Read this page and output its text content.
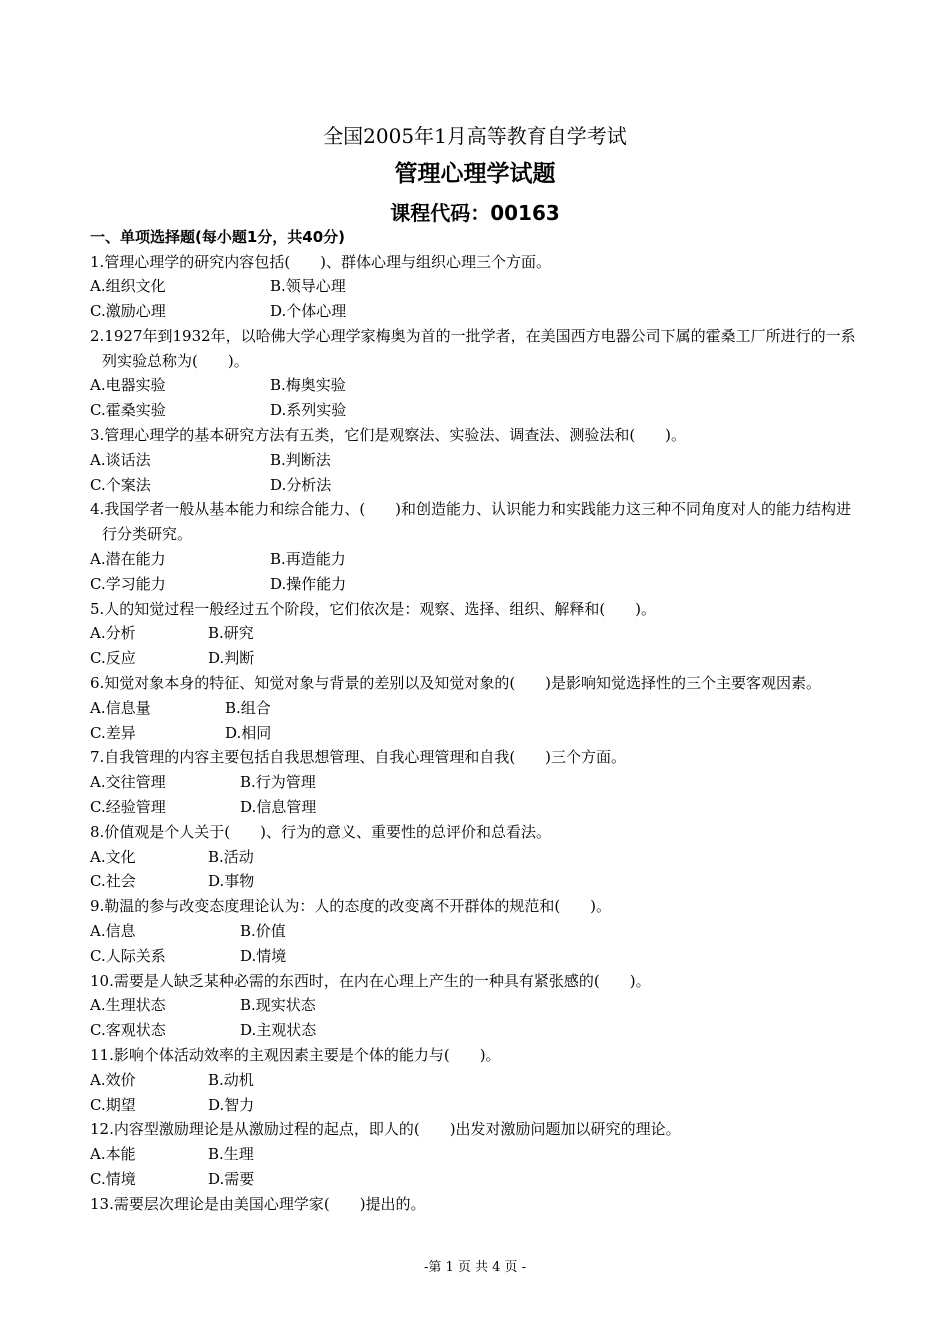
全国2005年1月高等教育自学考试
管理心理学试题
课程代码：00163
一、单项选择题(每小题1分，共40分)
1.管理心理学的研究内容包括(　　)、群体心理与组织心理三个方面。
A.组织文化	B.领导心理
C.激励心理	D.个体心理
2.1927年到1932年，以哈佛大学心理学家梅奥为首的一批学者，在美国西方电器公司下属的霍桑工厂所进行的一系列实验总称为(　　)。
A.电器实验	B.梅奥实验
C.霍桑实验	D.系列实验
3.管理心理学的基本研究方法有五类，它们是观察法、实验法、调查法、测验法和(　　)。
A.谈话法	B.判断法
C.个案法	D.分析法
4.我国学者一般从基本能力和综合能力、(　　)和创造能力、认识能力和实践能力这三种不同角度对人的能力结构进行分类研究。
A.潜在能力	B.再造能力
C.学习能力	D.操作能力
5.人的知觉过程一般经过五个阶段，它们依次是：观察、选择、组织、解释和(　　)。
A.分析	B.研究
C.反应	D.判断
6.知觉对象本身的特征、知觉对象与背景的差别以及知觉对象的(　　)是影响知觉选择性的三个主要客观因素。
A.信息量	B.组合
C.差异	D.相同
7.自我管理的内容主要包括自我思想管理、自我心理管理和自我(　　)三个方面。
A.交往管理	B.行为管理
C.经验管理	D.信息管理
8.价值观是个人关于(　　)、行为的意义、重要性的总评价和总看法。
A.文化	B.活动
C.社会	D.事物
9.勒温的参与改变态度理论认为：人的态度的改变离不开群体的规范和(　　)。
A.信息	B.价值
C.人际关系	D.情境
10.需要是人缺乏某种必需的东西时，在内在心理上产生的一种具有紧张感的(　　)。
A.生理状态	B.现实状态
C.客观状态	D.主观状态
11.影响个体活动效率的主观因素主要是个体的能力与(　　)。
A.效价	B.动机
C.期望	D.智力
12.内容型激励理论是从激励过程的起点，即人的(　　)出发对激励问题加以研究的理论。
A.本能	B.生理
C.情境	D.需要
13.需要层次理论是由美国心理学家(　　)提出的。
-第 1 页 共 4 页 -
